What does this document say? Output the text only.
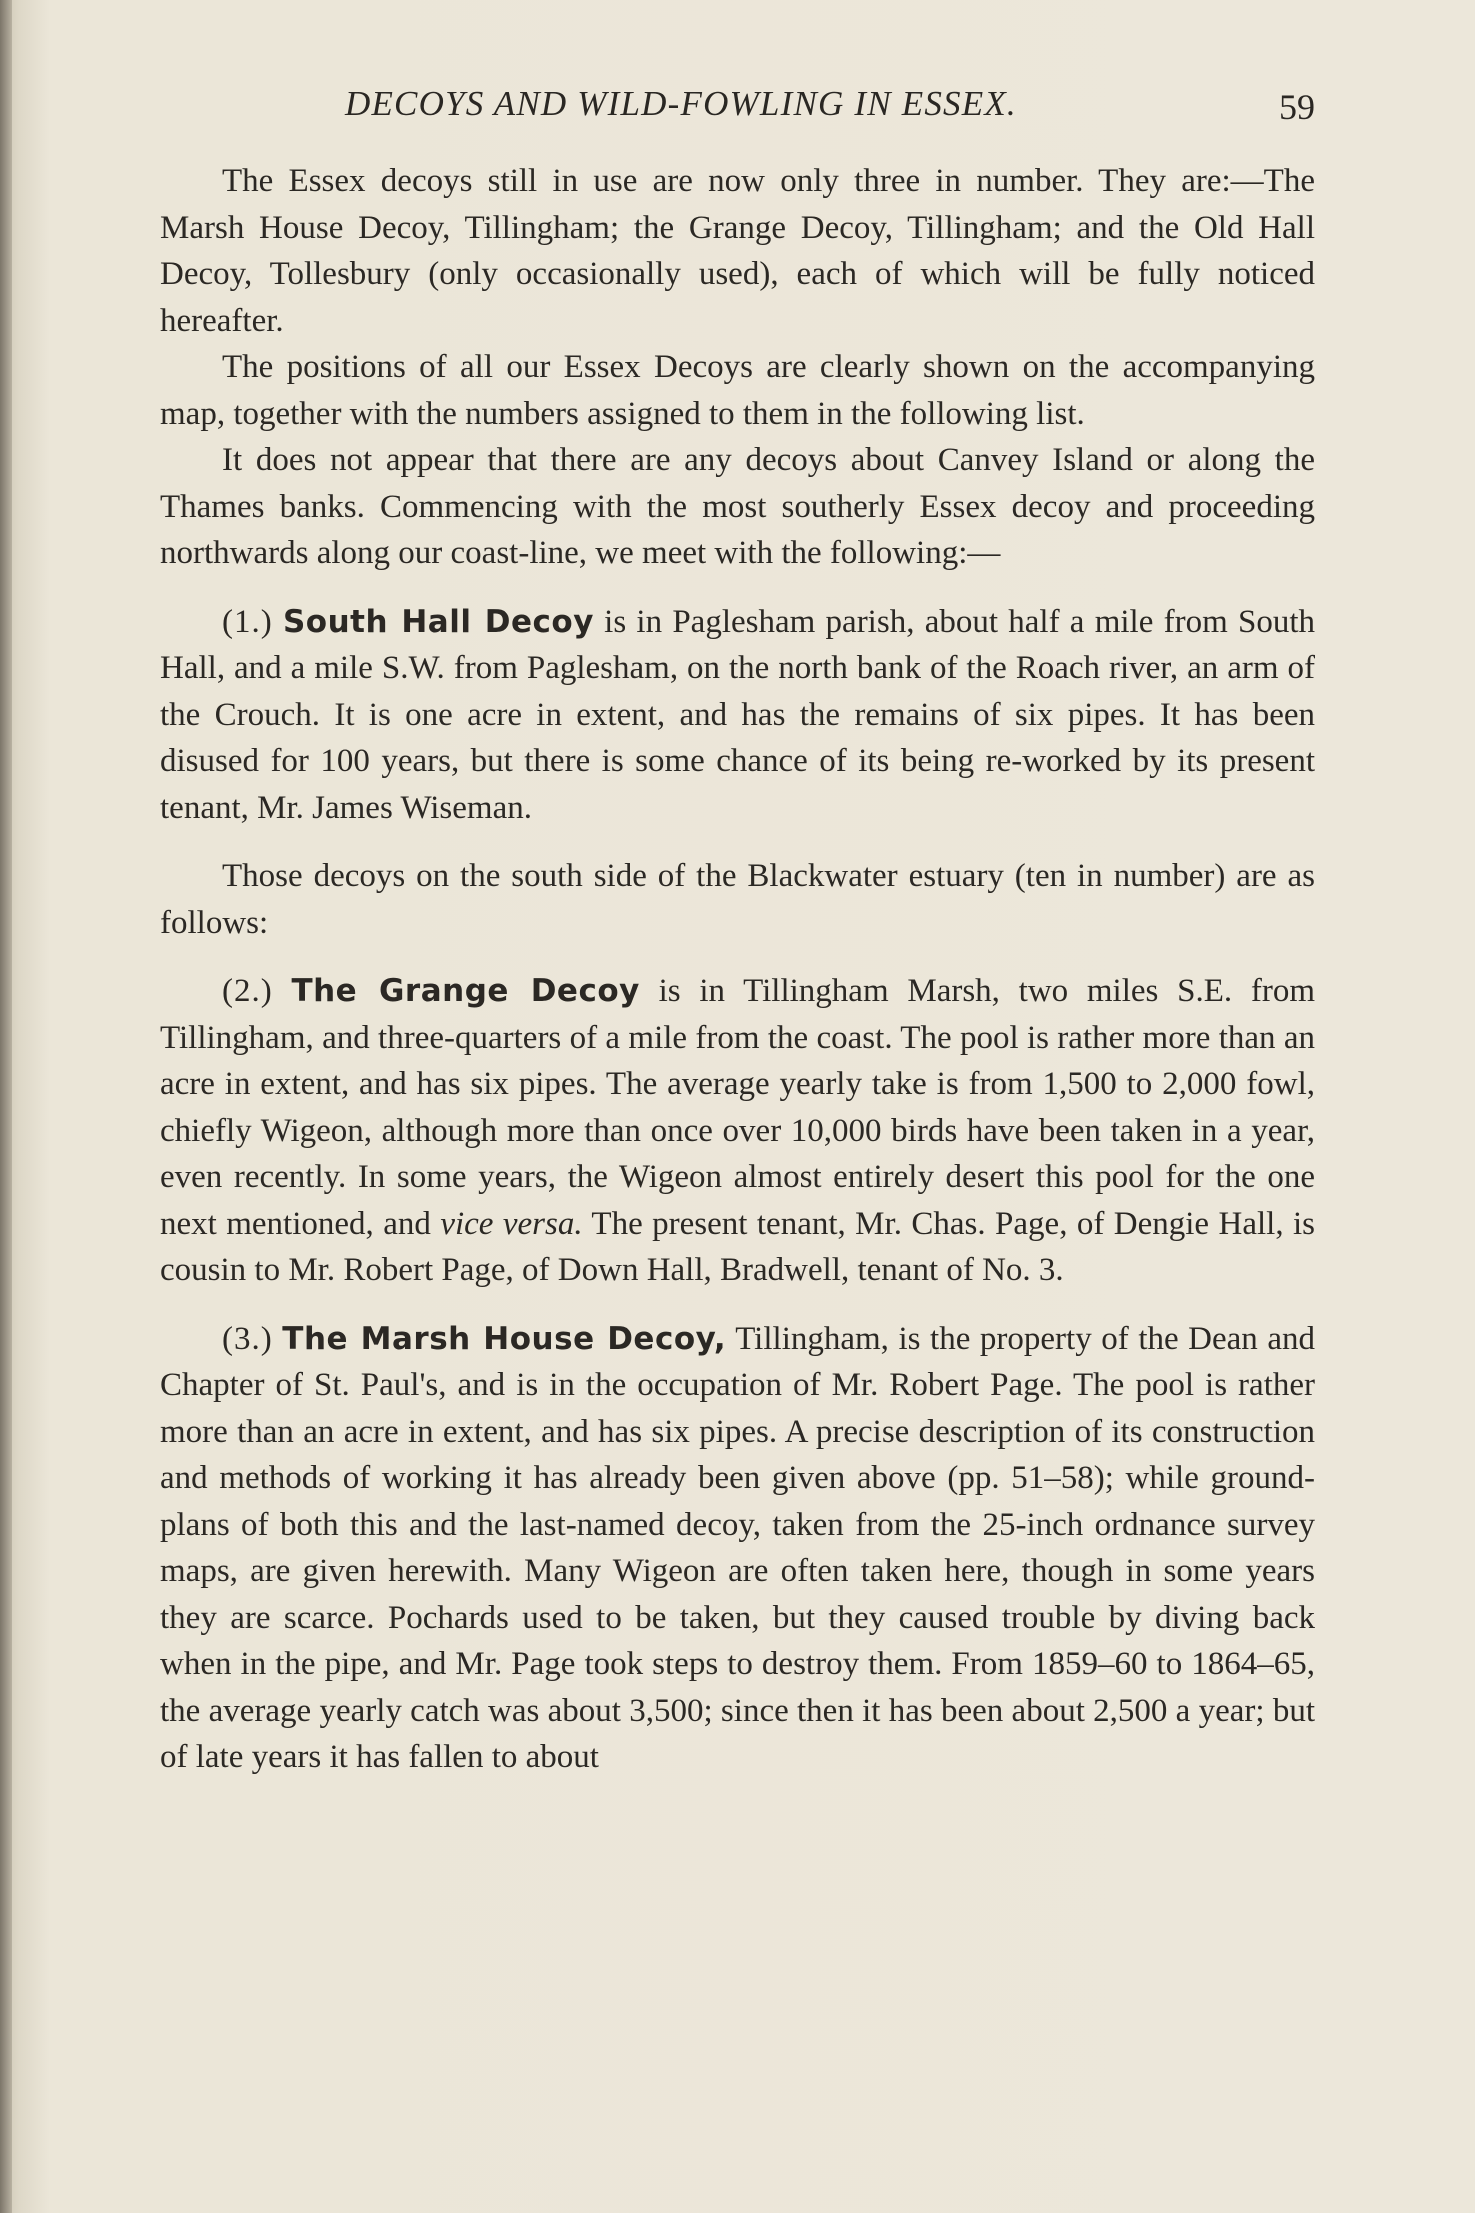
DECOYS AND WILD-FOWLING IN ESSEX.	59

The Essex decoys still in use are now only three in number. They are:—The Marsh House Decoy, Tillingham; the Grange Decoy, Tillingham; and the Old Hall Decoy, Tollesbury (only occasionally used), each of which will be fully noticed hereafter.

The positions of all our Essex Decoys are clearly shown on the accompanying map, together with the numbers assigned to them in the following list.

It does not appear that there are any decoys about Canvey Island or along the Thames banks. Commencing with the most southerly Essex decoy and proceeding northwards along our coast-line, we meet with the following:—

(1.) South Hall Decoy is in Paglesham parish, about half a mile from South Hall, and a mile S.W. from Paglesham, on the north bank of the Roach river, an arm of the Crouch. It is one acre in extent, and has the remains of six pipes. It has been disused for 100 years, but there is some chance of its being re-worked by its present tenant, Mr. James Wiseman.

Those decoys on the south side of the Blackwater estuary (ten in number) are as follows:

(2.) The Grange Decoy is in Tillingham Marsh, two miles S.E. from Tillingham, and three-quarters of a mile from the coast. The pool is rather more than an acre in extent, and has six pipes. The average yearly take is from 1,500 to 2,000 fowl, chiefly Wigeon, although more than once over 10,000 birds have been taken in a year, even recently. In some years, the Wigeon almost entirely desert this pool for the one next mentioned, and vice versa. The present tenant, Mr. Chas. Page, of Dengie Hall, is cousin to Mr. Robert Page, of Down Hall, Bradwell, tenant of No. 3.

(3.) The Marsh House Decoy, Tillingham, is the property of the Dean and Chapter of St. Paul's, and is in the occupation of Mr. Robert Page. The pool is rather more than an acre in extent, and has six pipes. A precise description of its construction and methods of working it has already been given above (pp. 51–58); while ground-plans of both this and the last-named decoy, taken from the 25-inch ordnance survey maps, are given herewith. Many Wigeon are often taken here, though in some years they are scarce. Pochards used to be taken, but they caused trouble by diving back when in the pipe, and Mr. Page took steps to destroy them. From 1859–60 to 1864–65, the average yearly catch was about 3,500; since then it has been about 2,500 a year; but of late years it has fallen to about
